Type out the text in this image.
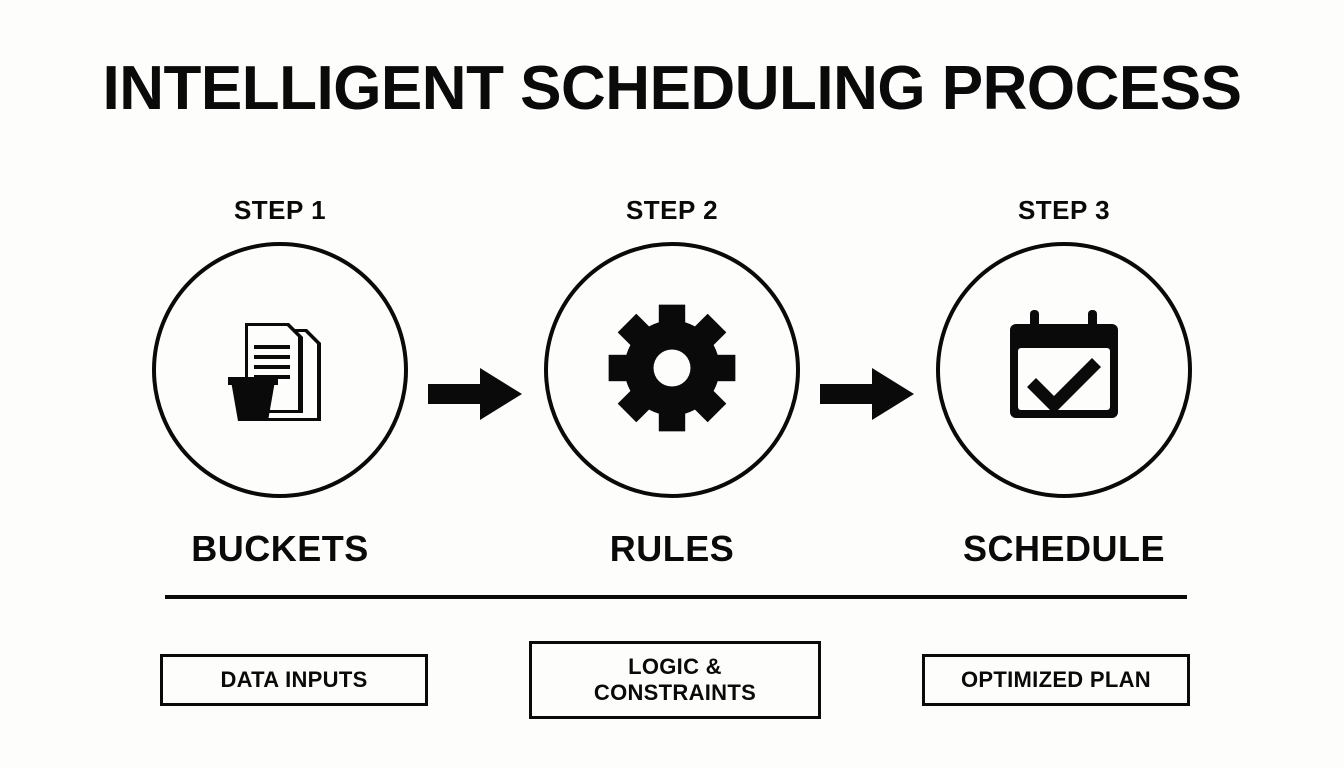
INTELLIGENT SCHEDULING PROCESS
STEP 1
BUCKETS
STEP 2
RULES
STEP 3
SCHEDULE
DATA INPUTS
LOGIC & CONSTRAINTS
OPTIMIZED PLAN
